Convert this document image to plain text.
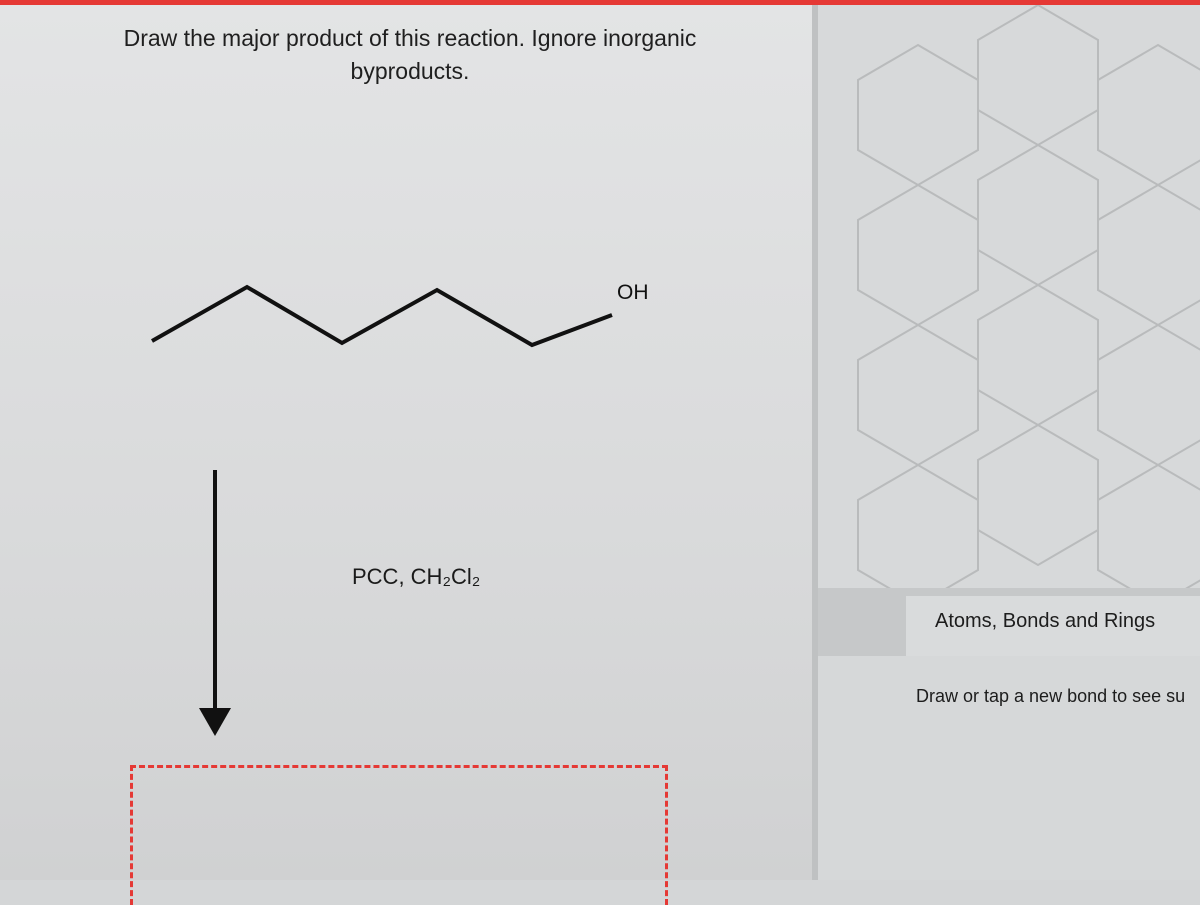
Draw the major product of this reaction. Ignore inorganic
byproducts.
OH
PCC, CH₂Cl₂
Atoms, Bonds and Rings
Draw or tap a new bond to see su
